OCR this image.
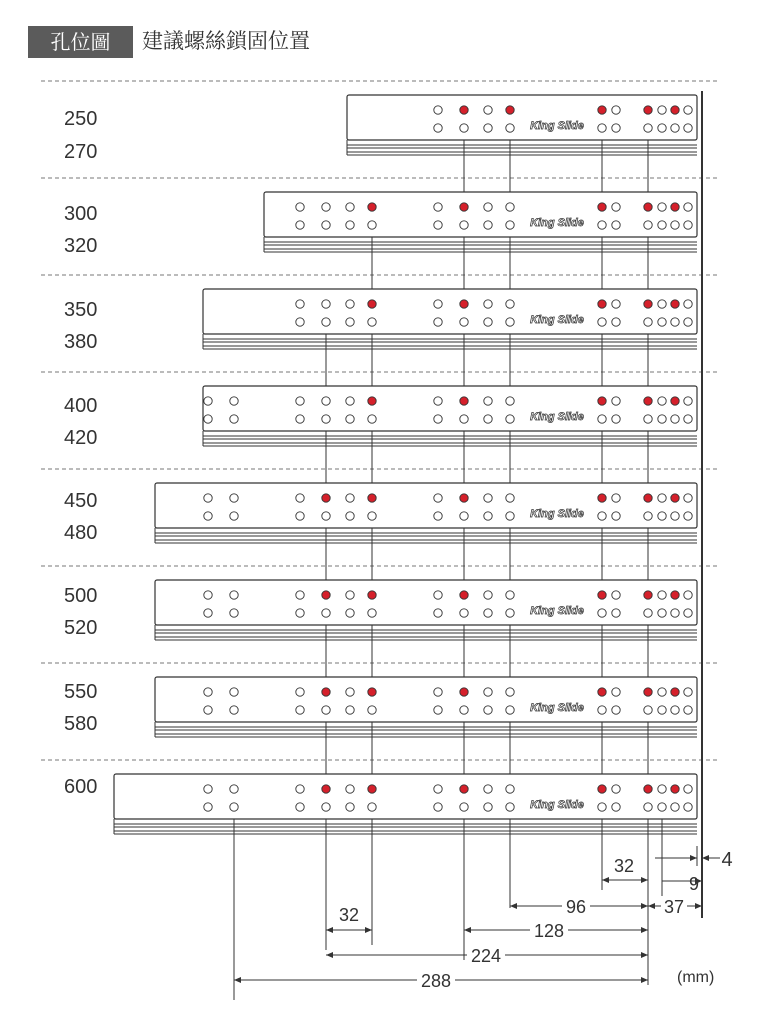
孔位圖	建議螺絲鎖固位置
250
270
300
320
350
380
400
420
450
480
500
520
550
580
600
(mm)
King Slide
King Slide
King Slide
King Slide
King Slide
King Slide
King Slide
King Slide
96
128
224
288
32
32
37
9
4
